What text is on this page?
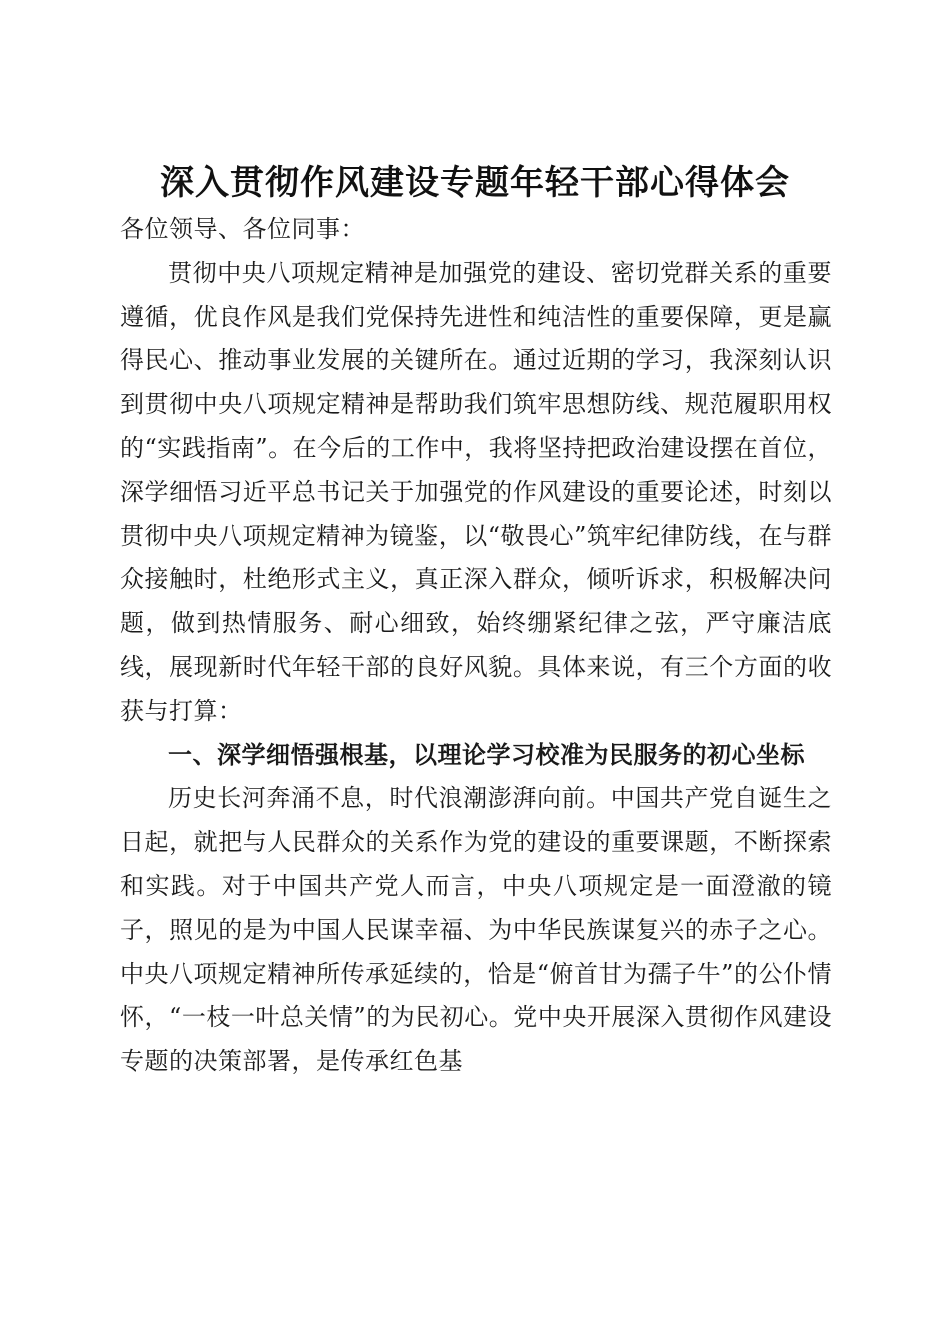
深入贯彻作风建设专题年轻干部心得体会

各位领导、各位同事：

贯彻中央八项规定精神是加强党的建设、密切党群关系的重要遵循，优良作风是我们党保持先进性和纯洁性的重要保障，更是赢得民心、推动事业发展的关键所在。通过近期的学习，我深刻认识到贯彻中央八项规定精神是帮助我们筑牢思想防线、规范履职用权的“实践指南”。在今后的工作中，我将坚持把政治建设摆在首位，深学细悟习近平总书记关于加强党的作风建设的重要论述，时刻以贯彻中央八项规定精神为镜鉴，以“敬畏心”筑牢纪律防线，在与群众接触时，杜绝形式主义，真正深入群众，倾听诉求，积极解决问题，做到热情服务、耐心细致，始终绷紧纪律之弦，严守廉洁底线，展现新时代年轻干部的良好风貌。具体来说，有三个方面的收获与打算：

一、深学细悟强根基，以理论学习校准为民服务的初心坐标

历史长河奔涌不息，时代浪潮澎湃向前。中国共产党自诞生之日起，就把与人民群众的关系作为党的建设的重要课题，不断探索和实践。对于中国共产党人而言，中央八项规定是一面澄澈的镜子，照见的是为中国人民谋幸福、为中华民族谋复兴的赤子之心。中央八项规定精神所传承延续的，恰是“俯首甘为孺子牛”的公仆情怀，“一枝一叶总关情”的为民初心。党中央开展深入贯彻作风建设专题的决策部署，是传承红色基
